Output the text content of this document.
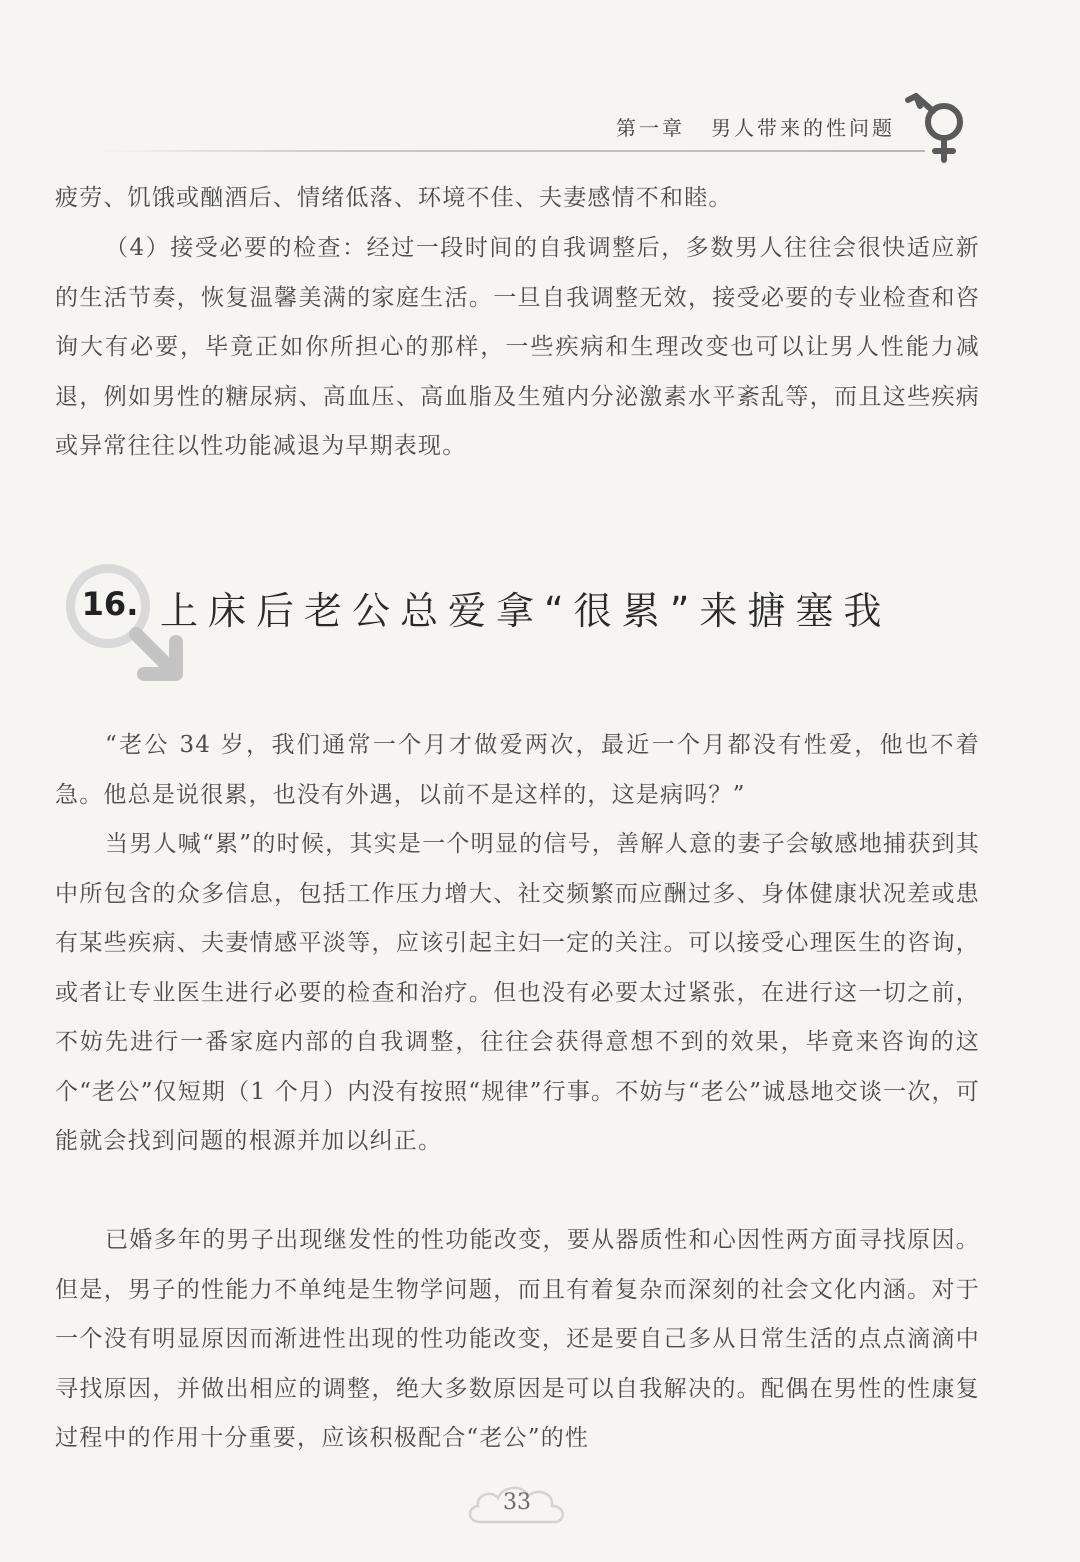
第一章 男人带来的性问题

疲劳、饥饿或酗酒后、情绪低落、环境不佳、夫妻感情不和睦。

（4）接受必要的检查：经过一段时间的自我调整后，多数男人往往会很快适应新的生活节奏，恢复温馨美满的家庭生活。一旦自我调整无效，接受必要的专业检查和咨询大有必要，毕竟正如你所担心的那样，一些疾病和生理改变也可以让男人性能力减退，例如男性的糖尿病、高血压、高血脂及生殖内分泌激素水平紊乱等，而且这些疾病或异常往往以性功能减退为早期表现。

16. 上床后老公总爱拿“很累”来搪塞我

“老公 34 岁，我们通常一个月才做爱两次，最近一个月都没有性爱，他也不着急。他总是说很累，也没有外遇，以前不是这样的，这是病吗？”

当男人喊“累”的时候，其实是一个明显的信号，善解人意的妻子会敏感地捕获到其中所包含的众多信息，包括工作压力增大、社交频繁而应酬过多、身体健康状况差或患有某些疾病、夫妻情感平淡等，应该引起主妇一定的关注。可以接受心理医生的咨询，或者让专业医生进行必要的检查和治疗。但也没有必要太过紧张，在进行这一切之前，不妨先进行一番家庭内部的自我调整，往往会获得意想不到的效果，毕竟来咨询的这个“老公”仅短期（1 个月）内没有按照“规律”行事。不妨与“老公”诚恳地交谈一次，可能就会找到问题的根源并加以纠正。

已婚多年的男子出现继发性的性功能改变，要从器质性和心因性两方面寻找原因。但是，男子的性能力不单纯是生物学问题，而且有着复杂而深刻的社会文化内涵。对于一个没有明显原因而渐进性出现的性功能改变，还是要自己多从日常生活的点点滴滴中寻找原因，并做出相应的调整，绝大多数原因是可以自我解决的。配偶在男性的性康复过程中的作用十分重要，应该积极配合“老公”的性

33
